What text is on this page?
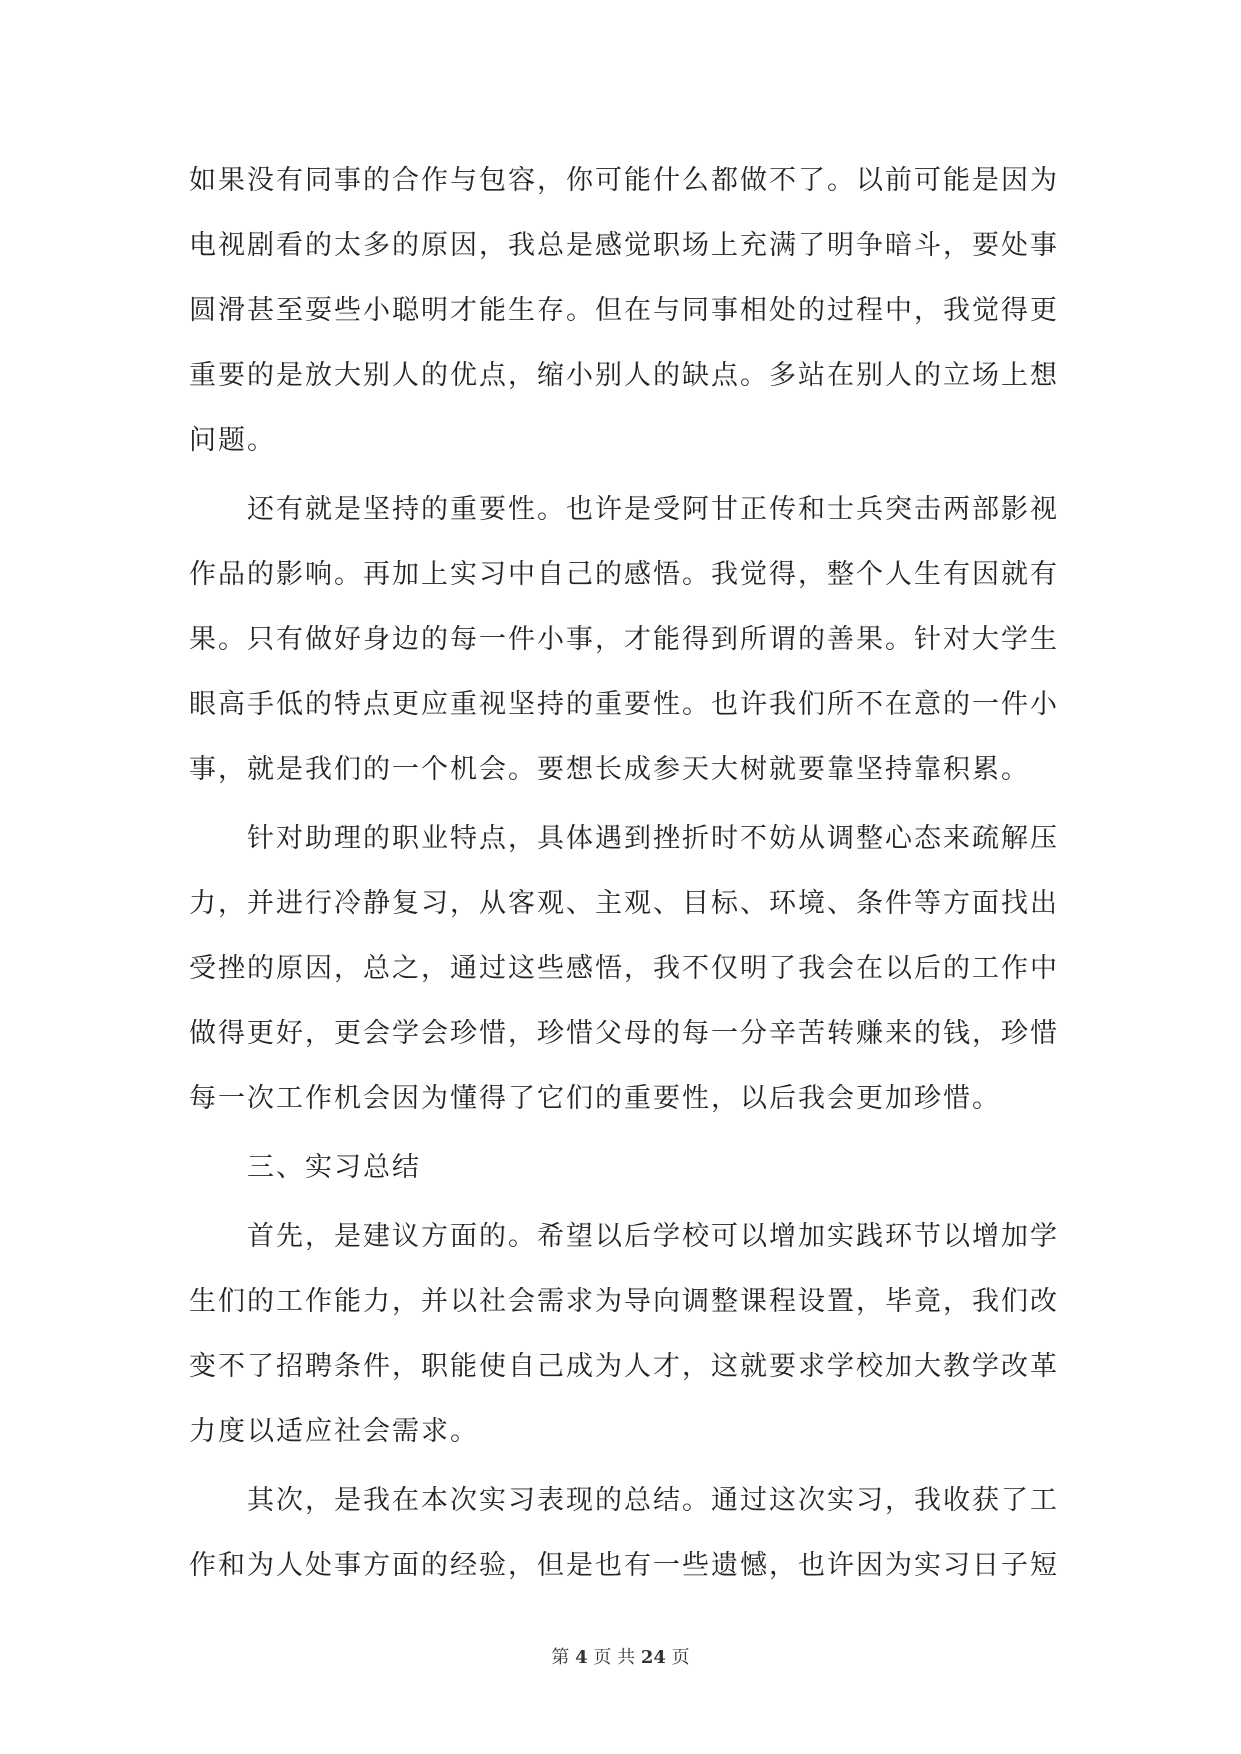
如果没有同事的合作与包容，你可能什么都做不了。以前可能是因为
电视剧看的太多的原因，我总是感觉职场上充满了明争暗斗，要处事
圆滑甚至耍些小聪明才能生存。但在与同事相处的过程中，我觉得更
重要的是放大别人的优点，缩小别人的缺点。多站在别人的立场上想
问题。
还有就是坚持的重要性。也许是受阿甘正传和士兵突击两部影视
作品的影响。再加上实习中自己的感悟。我觉得，整个人生有因就有
果。只有做好身边的每一件小事，才能得到所谓的善果。针对大学生
眼高手低的特点更应重视坚持的重要性。也许我们所不在意的一件小
事，就是我们的一个机会。要想长成参天大树就要靠坚持靠积累。
针对助理的职业特点，具体遇到挫折时不妨从调整心态来疏解压
力，并进行冷静复习，从客观、主观、目标、环境、条件等方面找出
受挫的原因，总之，通过这些感悟，我不仅明了我会在以后的工作中
做得更好，更会学会珍惜，珍惜父母的每一分辛苦转赚来的钱，珍惜
每一次工作机会因为懂得了它们的重要性，以后我会更加珍惜。
三、实习总结
首先，是建议方面的。希望以后学校可以增加实践环节以增加学
生们的工作能力，并以社会需求为导向调整课程设置，毕竟，我们改
变不了招聘条件，职能使自己成为人才，这就要求学校加大教学改革
力度以适应社会需求。
其次，是我在本次实习表现的总结。通过这次实习，我收获了工
作和为人处事方面的经验，但是也有一些遗憾，也许因为实习日子短
第 4 页 共 24 页
